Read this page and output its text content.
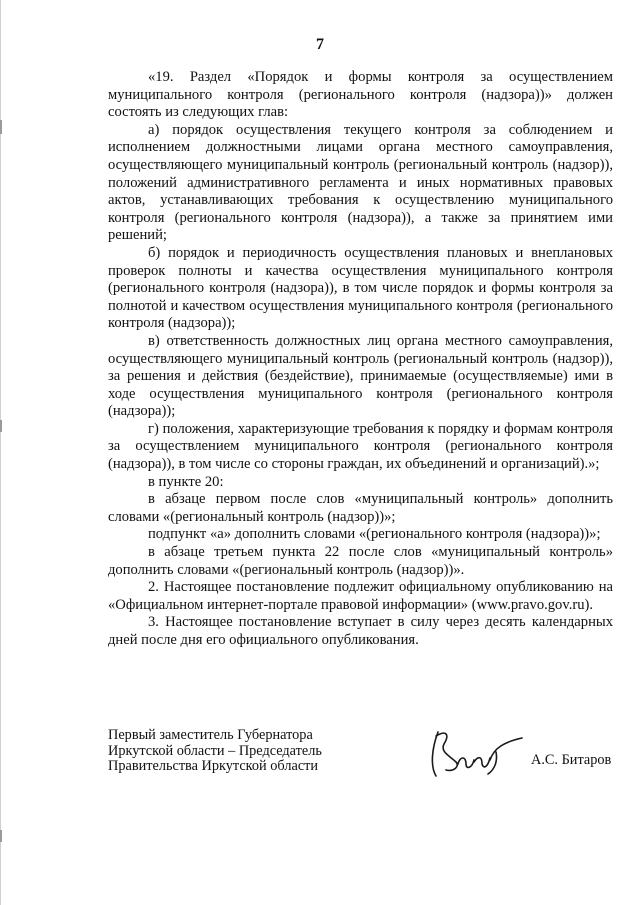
7

«19. Раздел «Порядок и формы контроля за осуществлением муниципального контроля (регионального контроля (надзора))» должен состоять из следующих глав:

а) порядок осуществления текущего контроля за соблюдением и исполнением должностными лицами органа местного самоуправления, осуществляющего муниципальный контроль (региональный контроль (надзор)), положений административного регламента и иных нормативных правовых актов, устанавливающих требования к осуществлению муниципального контроля (регионального контроля (надзора)), а также за принятием ими решений;

б) порядок и периодичность осуществления плановых и внеплановых проверок полноты и качества осуществления муниципального контроля (регионального контроля (надзора)), в том числе порядок и формы контроля за полнотой и качеством осуществления муниципального контроля (регионального контроля (надзора));

в) ответственность должностных лиц органа местного самоуправления, осуществляющего муниципальный контроль (региональный контроль (надзор)), за решения и действия (бездействие), принимаемые (осуществляемые) ими в ходе осуществления муниципального контроля (регионального контроля (надзора));

г) положения, характеризующие требования к порядку и формам контроля за осуществлением муниципального контроля (регионального контроля (надзора)), в том числе со стороны граждан, их объединений и организаций).»;

в пункте 20:

в абзаце первом после слов «муниципальный контроль» дополнить словами «(региональный контроль (надзор))»;

подпункт «а» дополнить словами «(регионального контроля (надзора))»;

в абзаце третьем пункта 22 после слов «муниципальный контроль» дополнить словами «(региональный контроль (надзор))».

2. Настоящее постановление подлежит официальному опубликованию на «Официальном интернет-портале правовой информации» (www.pravo.gov.ru).

3. Настоящее постановление вступает в силу через десять календарных дней после дня его официального опубликования.

Первый заместитель Губернатора
Иркутской области – Председатель
Правительства Иркутской области	А.С. Битаров
